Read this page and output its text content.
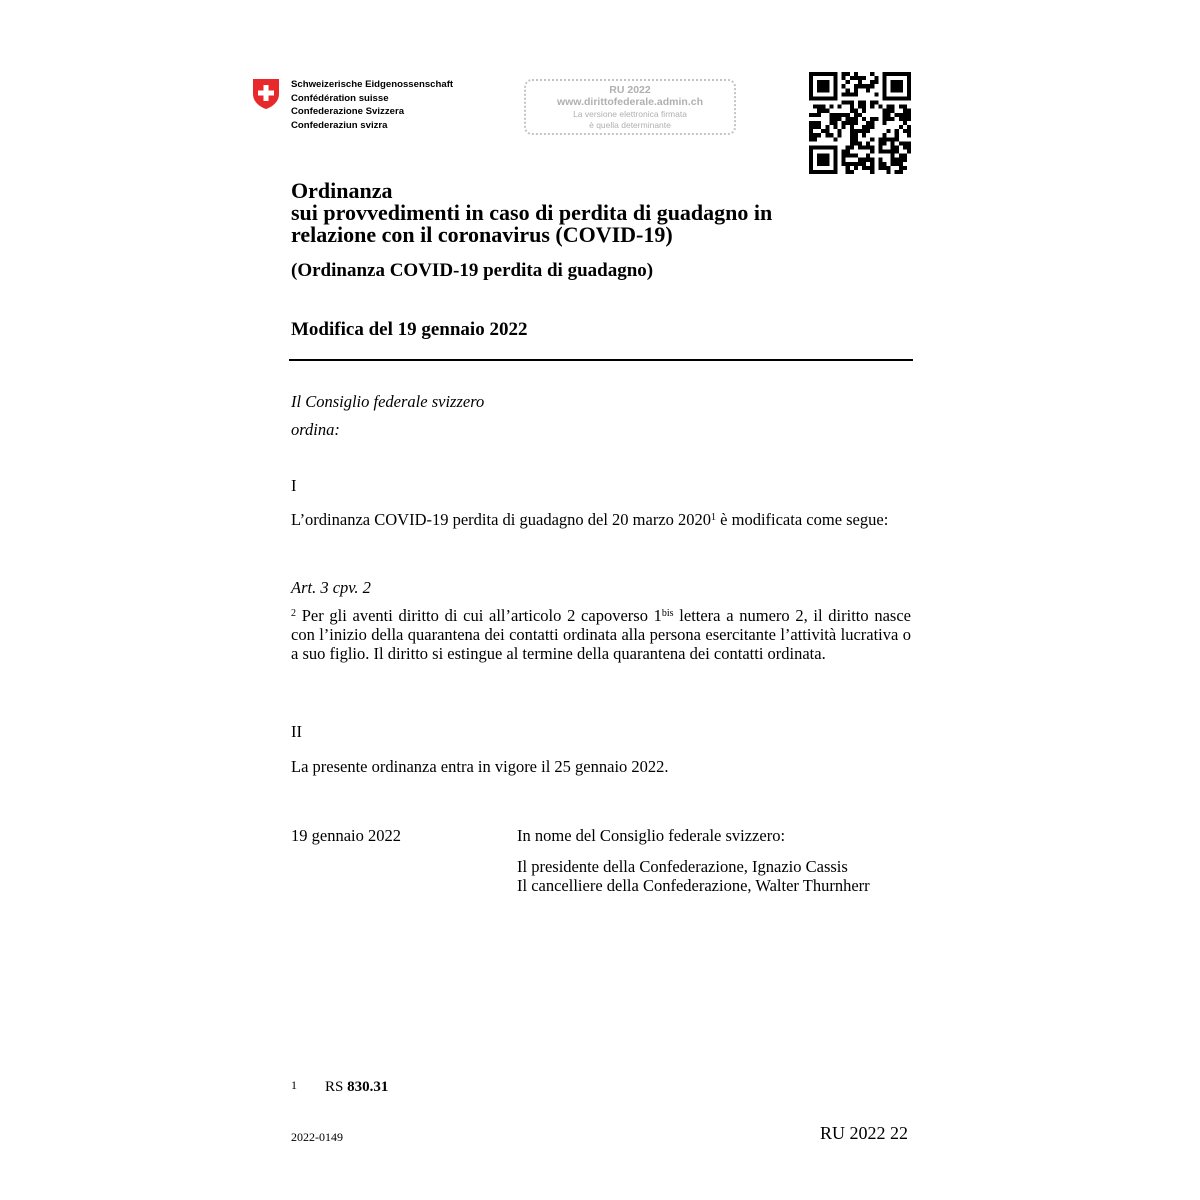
Schweizerische Eidgenossenschaft
Confédération suisse
Confederazione Svizzera
Confederaziun svizra
RU 2022
www.dirittofederale.admin.ch
La versione elettronica firmata
è quella determinante
Ordinanza
sui provvedimenti in caso di perdita di guadagno in
relazione con il coronavirus (COVID-19)
(Ordinanza COVID-19 perdita di guadagno)
Modifica del 19 gennaio 2022
Il Consiglio federale svizzero
ordina:
I
L’ordinanza COVID-19 perdita di guadagno del 20 marzo 2020$^1$ è modificata come segue:
Art. 3 cpv. 2
$^2$ Per gli aventi diritto di cui all’articolo 2 capoverso $1^{bis}$ lettera a numero 2, il diritto nasce con l’inizio della quarantena dei contatti ordinata alla persona esercitante l’attività lucrativa o a suo figlio. Il diritto si estingue al termine della quarantena dei contatti ordinata.
II
La presente ordinanza entra in vigore il 25 gennaio 2022.
19 gennaio 2022	In nome del Consiglio federale svizzero:
Il presidente della Confederazione, Ignazio Cassis
Il cancelliere della Confederazione, Walter Thurnherr
1 RS 830.31
2022-0149	RU 2022 22
